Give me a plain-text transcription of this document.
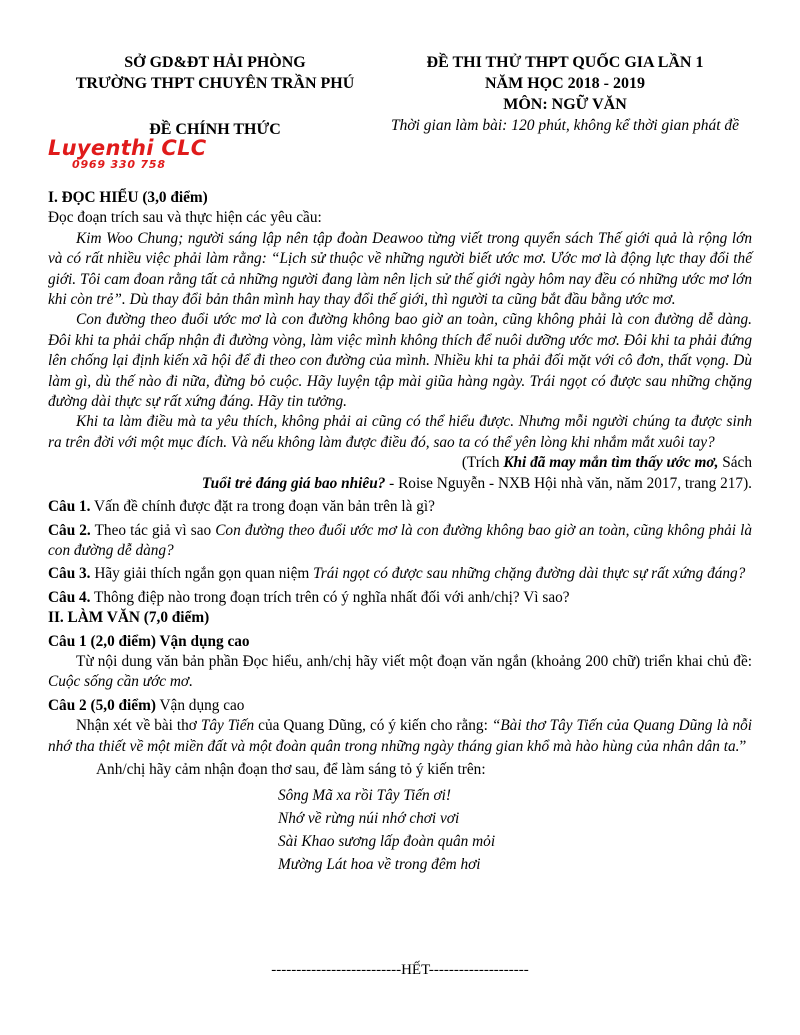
SỞ GD&ĐT HẢI PHÒNG
TRƯỜNG THPT CHUYÊN TRẦN PHÚ
ĐỀ CHÍNH THỨC
ĐỀ THI THỬ THPT QUỐC GIA LẦN 1
NĂM HỌC 2018 - 2019
MÔN: NGỮ VĂN
Thời gian làm bài: 120 phút, không kể thời gian phát đề
Luyenthi CLC
0969 330 758
I. ĐỌC HIỂU (3,0 điểm)

Đọc đoạn trích sau và thực hiện các yêu cầu:

Kim Woo Chung; người sáng lập nên tập đoàn Deawoo từng viết trong quyển sách Thế giới quả là rộng lớn và có rất nhiều việc phải làm rằng: “Lịch sử thuộc về những người biết ước mơ. Ước mơ là động lực thay đổi thế giới. Tôi cam đoan rằng tất cả những người đang làm nên lịch sử thế giới ngày hôm nay đều có những ước mơ lớn khi còn trẻ”. Dù thay đổi bản thân mình hay thay đổi thế giới, thì người ta cũng bắt đầu bằng ước mơ.

Con đường theo đuổi ước mơ là con đường không bao giờ an toàn, cũng không phải là con đường dễ dàng. Đôi khi ta phải chấp nhận đi đường vòng, làm việc mình không thích để nuôi dưỡng ước mơ. Đôi khi ta phải đứng lên chống lại định kiến xã hội để đi theo con đường của mình. Nhiều khi ta phải đối mặt với cô đơn, thất vọng. Dù làm gì, dù thế nào đi nữa, đừng bỏ cuộc. Hãy luyện tập mài giũa hàng ngày. Trái ngọt có được sau những chặng đường dài thực sự rất xứng đáng. Hãy tin tưởng.

Khi ta làm điều mà ta yêu thích, không phải ai cũng có thể hiểu được. Nhưng mỗi người chúng ta được sinh ra trên đời với một mục đích. Và nếu không làm được điều đó, sao ta có thể yên lòng khi nhắm mắt xuôi tay?

(Trích Khi đã may mắn tìm thấy ước mơ, Sách
Tuổi trẻ đáng giá bao nhiêu? - Roise Nguyễn - NXB Hội nhà văn, năm 2017, trang 217).

Câu 1. Vấn đề chính được đặt ra trong đoạn văn bản trên là gì?

Câu 2. Theo tác giả vì sao Con đường theo đuổi ước mơ là con đường không bao giờ an toàn, cũng không phải là con đường dễ dàng?

Câu 3. Hãy giải thích ngắn gọn quan niệm Trái ngọt có được sau những chặng đường dài thực sự rất xứng đáng?

Câu 4. Thông điệp nào trong đoạn trích trên có ý nghĩa nhất đối với anh/chị? Vì sao?

II. LÀM VĂN (7,0 điểm)
Câu 1 (2,0 điểm) Vận dụng cao

Từ nội dung văn bản phần Đọc hiểu, anh/chị hãy viết một đoạn văn ngắn (khoảng 200 chữ) triển khai chủ đề: Cuộc sống cần ước mơ.

Câu 2 (5,0 điểm) Vận dụng cao

Nhận xét về bài thơ Tây Tiến của Quang Dũng, có ý kiến cho rằng: “Bài thơ Tây Tiến của Quang Dũng là nỗi nhớ tha thiết về một miền đất và một đoàn quân trong những ngày tháng gian khổ mà hào hùng của nhân dân ta.”

Anh/chị hãy cảm nhận đoạn thơ sau, để làm sáng tỏ ý kiến trên:

Sông Mã xa rồi Tây Tiến ơi!
Nhớ về rừng núi nhớ chơi vơi
Sài Khao sương lấp đoàn quân mỏi
Mường Lát hoa về trong đêm hơi
--------------------------HẾT--------------------
